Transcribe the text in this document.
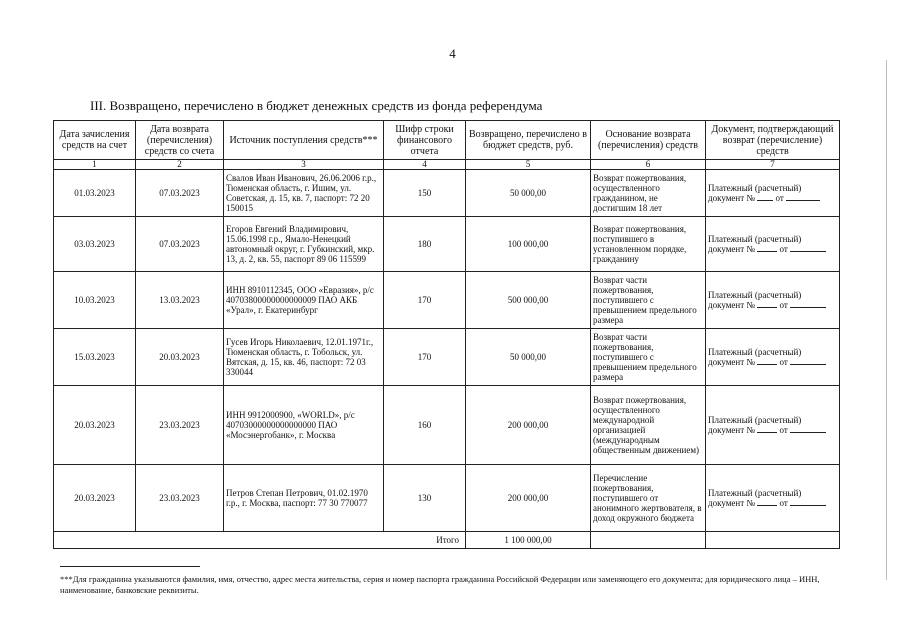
4
III. Возвращено, перечислено в бюджет денежных средств из фонда референдума
Дата зачисления средств на счет	Дата возврата (перечисления) средств со счета	Источник поступления средств***	Шифр строки финансового отчета	Возвращено, перечислено в бюджет средств, руб.	Основание возврата (перечисления) средств	Документ, подтверждающий возврат (перечисление) средств
1	2	3	4	5	6	7
01.03.2023	07.03.2023	Свалов Иван Иванович, 26.06.2006 г.р., Тюменская область, г. Ишим, ул. Советская, д. 15, кв. 7, паспорт: 72 20 150015	150	50 000,00	Возврат пожертвования, осуществленного гражданином, не достигшим 18 лет	Платежный (расчетный) документ № от
03.03.2023	07.03.2023	Егоров Евгений Владимирович, 15.06.1998 г.р., Ямало-Ненецкий автономный округ, г. Губкинский, мкр. 13, д. 2, кв. 55, паспорт 89 06 115599	180	100 000,00	Возврат пожертвования, поступившего в установленном порядке, гражданину	Платежный (расчетный) документ № от
10.03.2023	13.03.2023	ИНН 8910112345, ООО «Евразия», р/с 40703800000000000009 ПАО АКБ «Урал», г. Екатеринбург	170	500 000,00	Возврат части пожертвования, поступившего с превышением предельного размера	Платежный (расчетный) документ № от
15.03.2023	20.03.2023	Гусев Игорь Николаевич, 12.01.1971г., Тюменская область, г. Тобольск, ул. Вятская, д. 15, кв. 46, паспорт: 72 03 330044	170	50 000,00	Возврат части пожертвования, поступившего с превышением предельного размера	Платежный (расчетный) документ № от
20.03.2023	23.03.2023	ИНН 9912000900, «WORLD», р/с 40703000000000000000 ПАО «Мосэнергобанк», г. Москва	160	200 000,00	Возврат пожертвования, осуществленного международной организацией (международным общественным движением)	Платежный (расчетный) документ № от
20.03.2023	23.03.2023	Петров Степан Петрович, 01.02.1970 г.р., г. Москва, паспорт: 77 30 770077	130	200 000,00	Перечисление пожертвования, поступившего от анонимного жертвователя, в доход окружного бюджета	Платежный (расчетный) документ № от
Итого				1 100 000,00		
***Для гражданина указываются фамилия, имя, отчество, адрес места жительства, серия и номер паспорта гражданина Российской Федерации или заменяющего его документа; для юридического лица – ИНН, наименование, банковские реквизиты.
